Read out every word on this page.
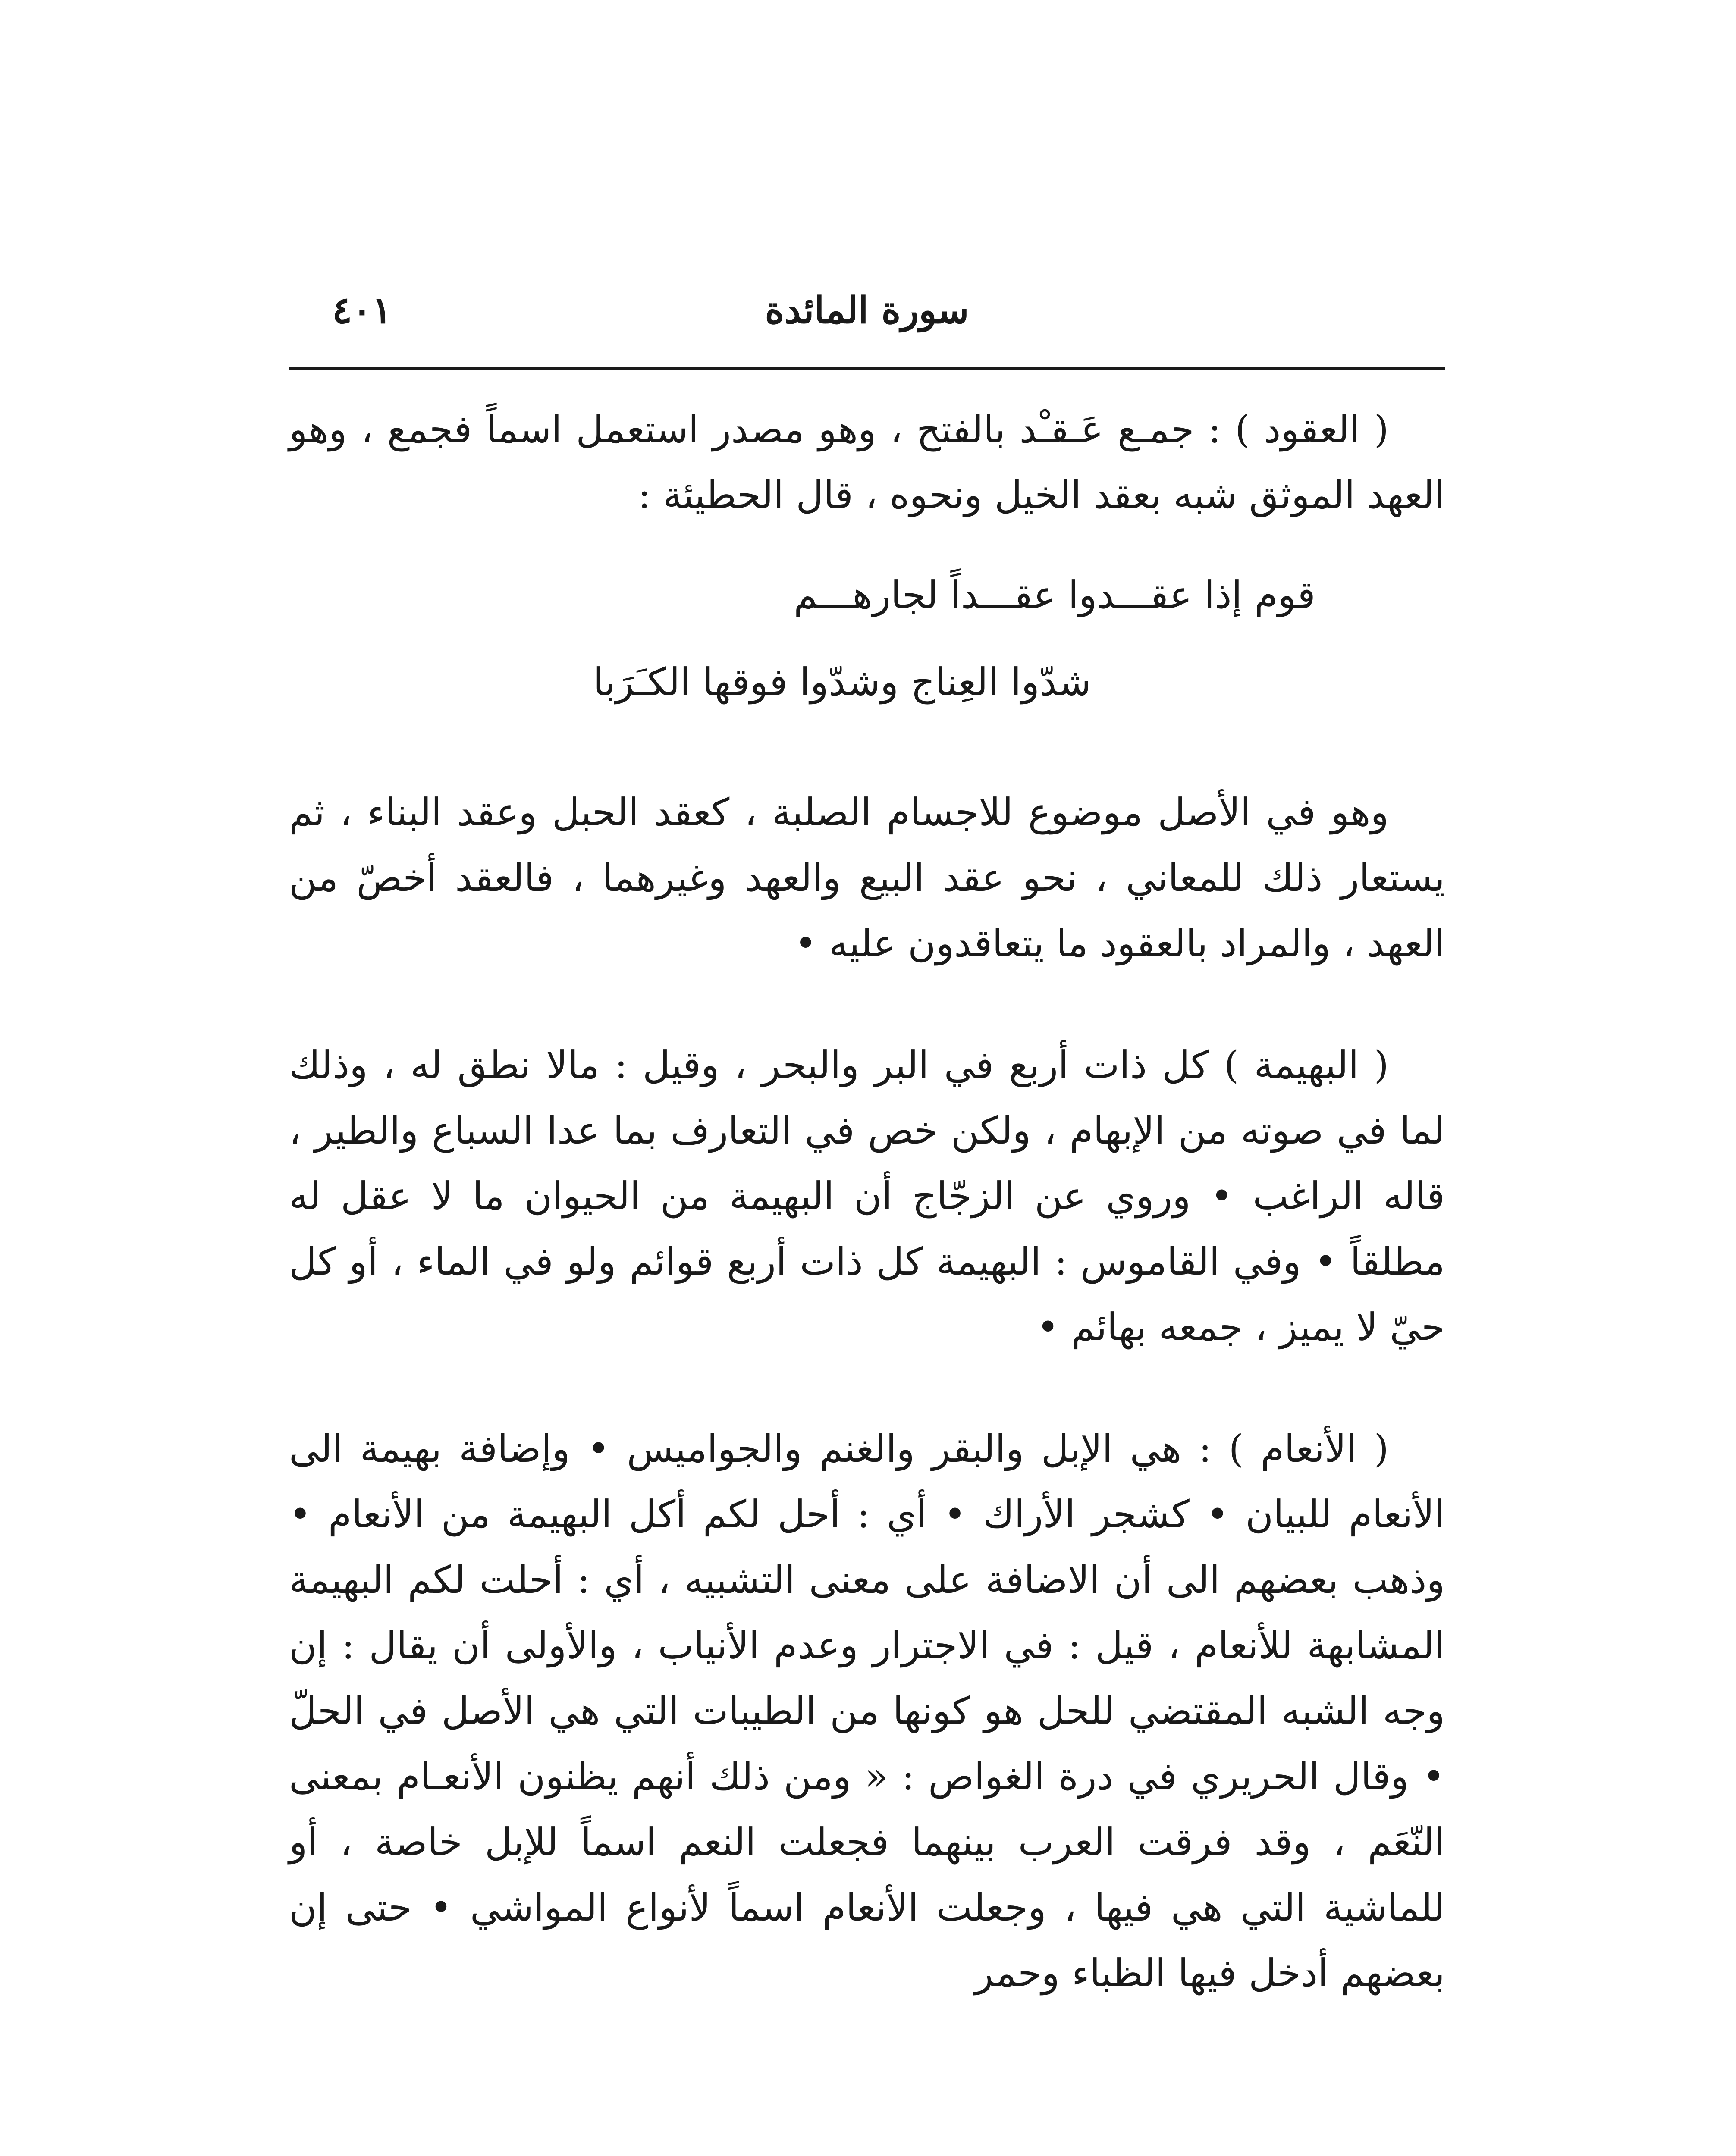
سورة المائدة
٤٠١

( العقود ) : جمـع عَـقـْد بالفتح ، وهو مصدر استعمل اسماً فجمع ، وهو العهد الموثق شبه بعقد الخيل ونحوه ، قال الحطيئة :

قوم إذا عقـــدوا عقـــداً لجارهـــم

شدّوا العِناج وشدّوا فوقها الكـَرَبا

وهو في الأصل موضوع للاجسام الصلبة ، كعقد الحبل وعقد البناء ، ثم يستعار ذلك للمعاني ، نحو عقد البيع والعهد وغيرهما ، فالعقد أخصّ من العهد ، والمراد بالعقود ما يتعاقدون عليه •

( البهيمة ) كل ذات أربع في البر والبحر ، وقيل : مالا نطق له ، وذلك لما في صوته من الإبهام ، ولكن خص في التعارف بما عدا السباع والطير ، قاله الراغب • وروي عن الزجّاج أن البهيمة من الحيوان ما لا عقل له مطلقاً • وفي القاموس : البهيمة كل ذات أربع قوائم ولو في الماء ، أو كل حيّ لا يميز ، جمعه بهائم •

( الأنعام ) : هي الإبل والبقر والغنم والجواميس • وإضافة بهيمة الى الأنعام للبيان • كشجر الأراك • أي : أحل لكم أكل البهيمة من الأنعام • وذهب بعضهم الى أن الاضافة على معنى التشبيه ، أي : أحلت لكم البهيمة المشابهة للأنعام ، قيل : في الاجترار وعدم الأنياب ، والأولى أن يقال : إن وجه الشبه المقتضي للحل هو كونها من الطيبات التي هي الأصل في الحلّ • وقال الحريري في درة الغواص : « ومن ذلك أنهم يظنون الأنعـام بمعنى النّعَم ، وقد فرقت العرب بينهما فجعلت النعم اسماً للإبل خاصة ، أو للماشية التي هي فيها ، وجعلت الأنعام اسماً لأنواع المواشي • حتى إن بعضهم أدخل فيها الظباء وحمر
